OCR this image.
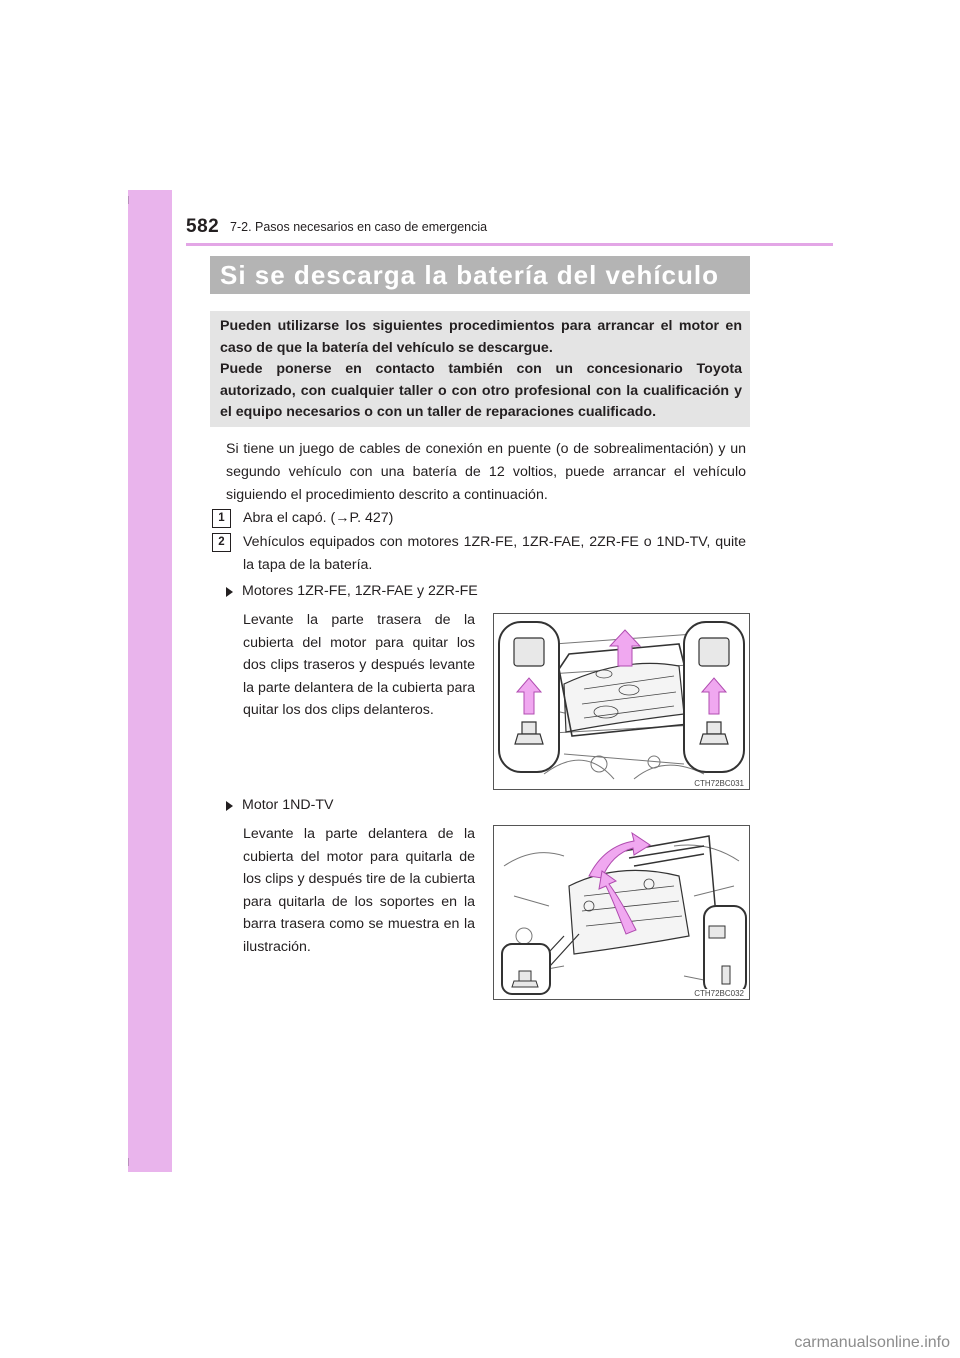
582 7-2. Pasos necesarios en caso de emergencia
Si se descarga la batería del vehículo

Pueden utilizarse los siguientes procedimientos para arrancar el motor en caso de que la batería del vehículo se descargue.

Puede ponerse en contacto también con un concesionario Toyota autorizado, con cualquier taller o con otro profesional con la cualificación y el equipo necesarios o con un taller de reparaciones cualificado.

Si tiene un juego de cables de conexión en puente (o de sobrealimentación) y un segundo vehículo con una batería de 12 voltios, puede arrancar el vehículo siguiendo el procedimiento descrito a continuación.

1	Abra el capó. (→P. 427)

2	Vehículos equipados con motores 1ZR-FE, 1ZR-FAE, 2ZR-FE o 1ND-TV, quite la tapa de la batería.

Motores 1ZR-FE, 1ZR-FAE y 2ZR-FE

Levante la parte trasera de la cubierta del motor para quitar los dos clips traseros y después levante la parte delantera de la cubierta para quitar los dos clips delanteros.

CTH72BC031
Motor 1ND-TV

Levante la parte delantera de la cubierta del motor para quitarla de los clips y después tire de la cubierta para quitarla de los soportes en la barra trasera como se muestra en la ilustración.

CTH72BC032
carmanualsonline.info
